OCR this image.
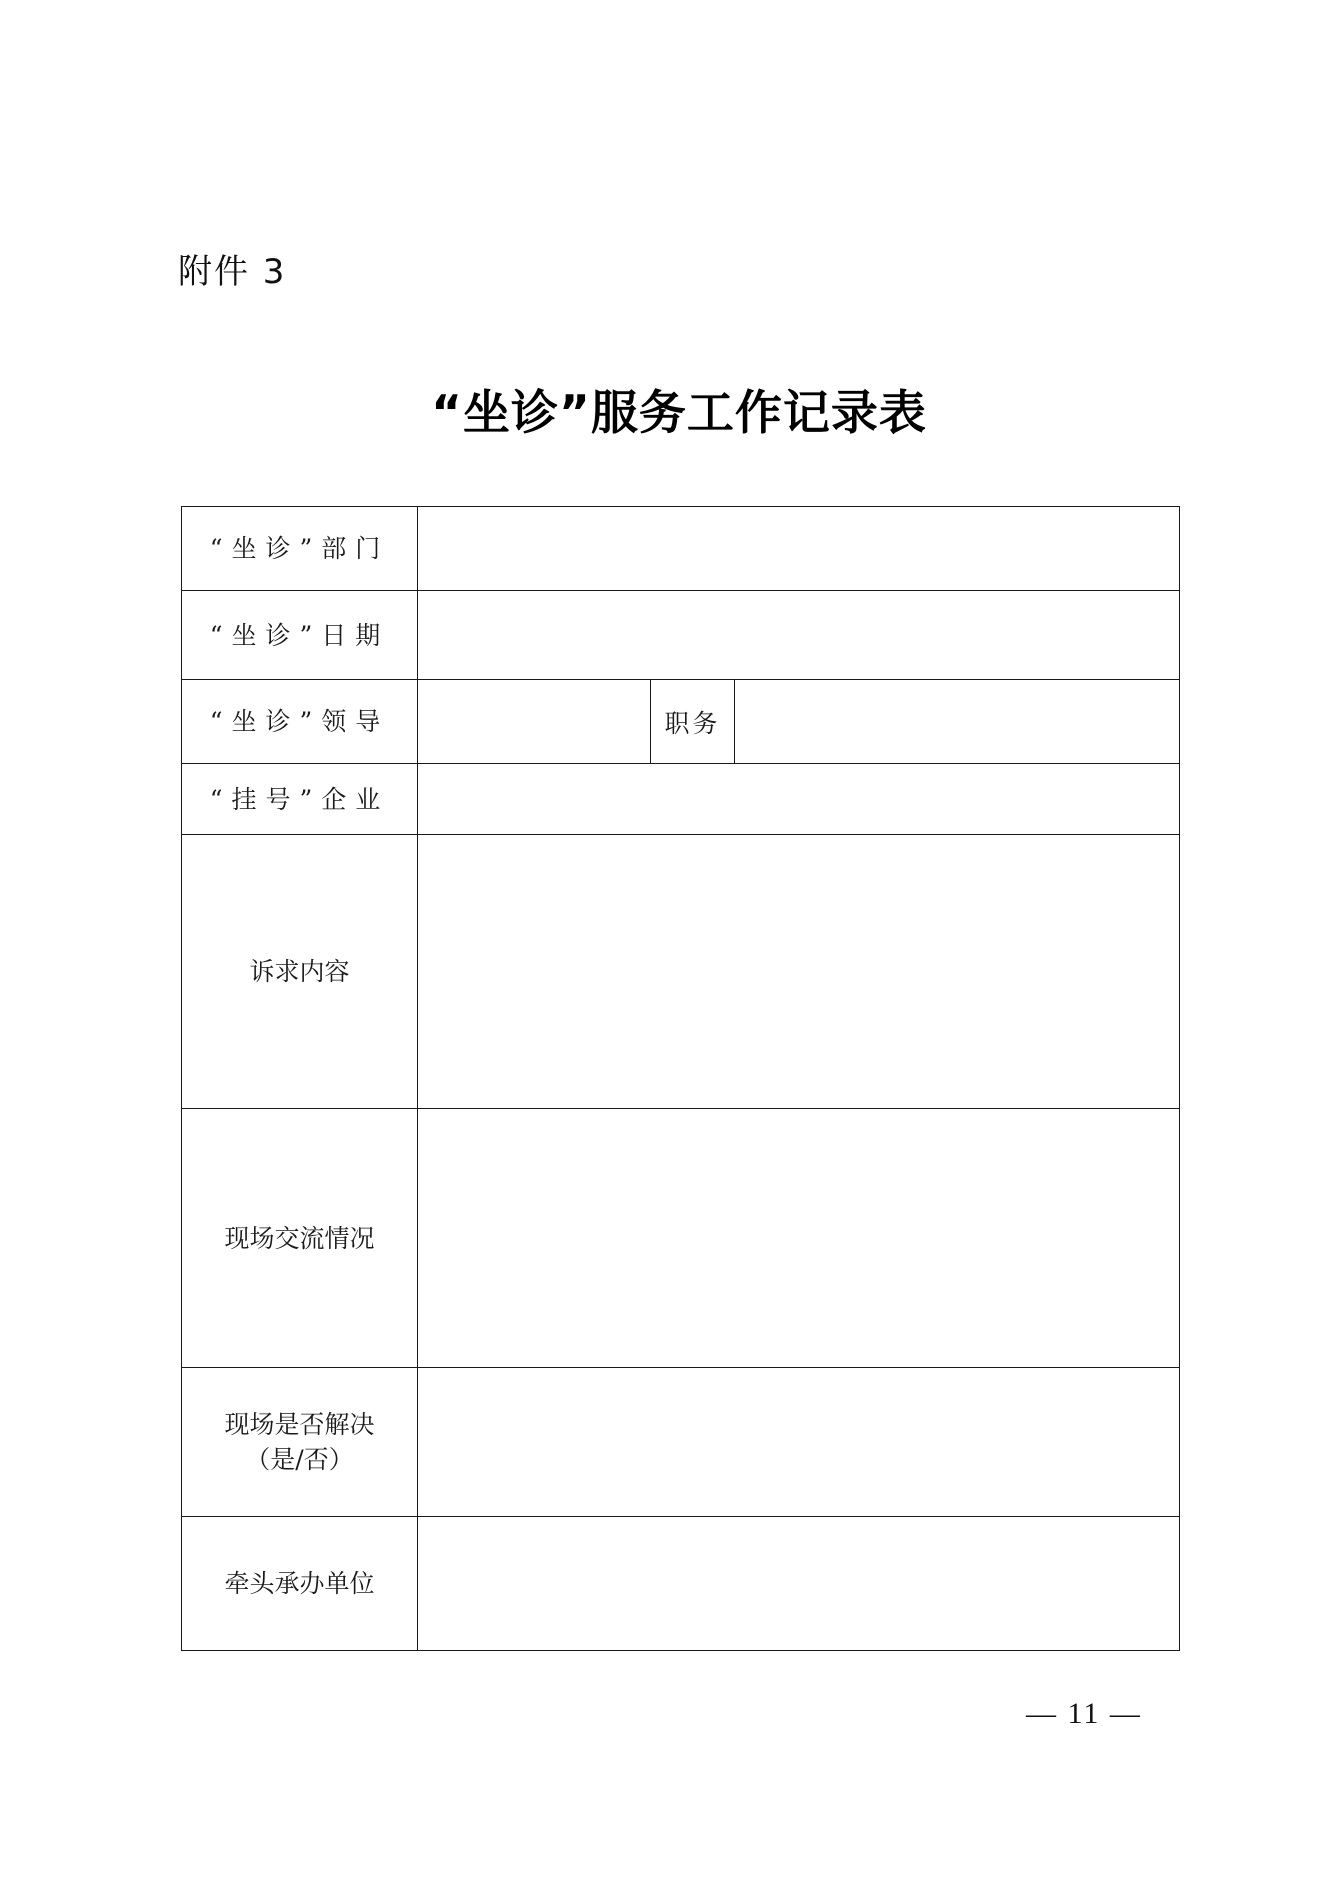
附件 3
“坐诊”服务工作记录表
“坐诊”部门			
“坐诊”日期			
“坐诊”领导		职务	
“挂号”企业			
诉求内容			
现场交流情况			

现场是否解决
（是/否）			

牵头承办单位			
— 11 —
